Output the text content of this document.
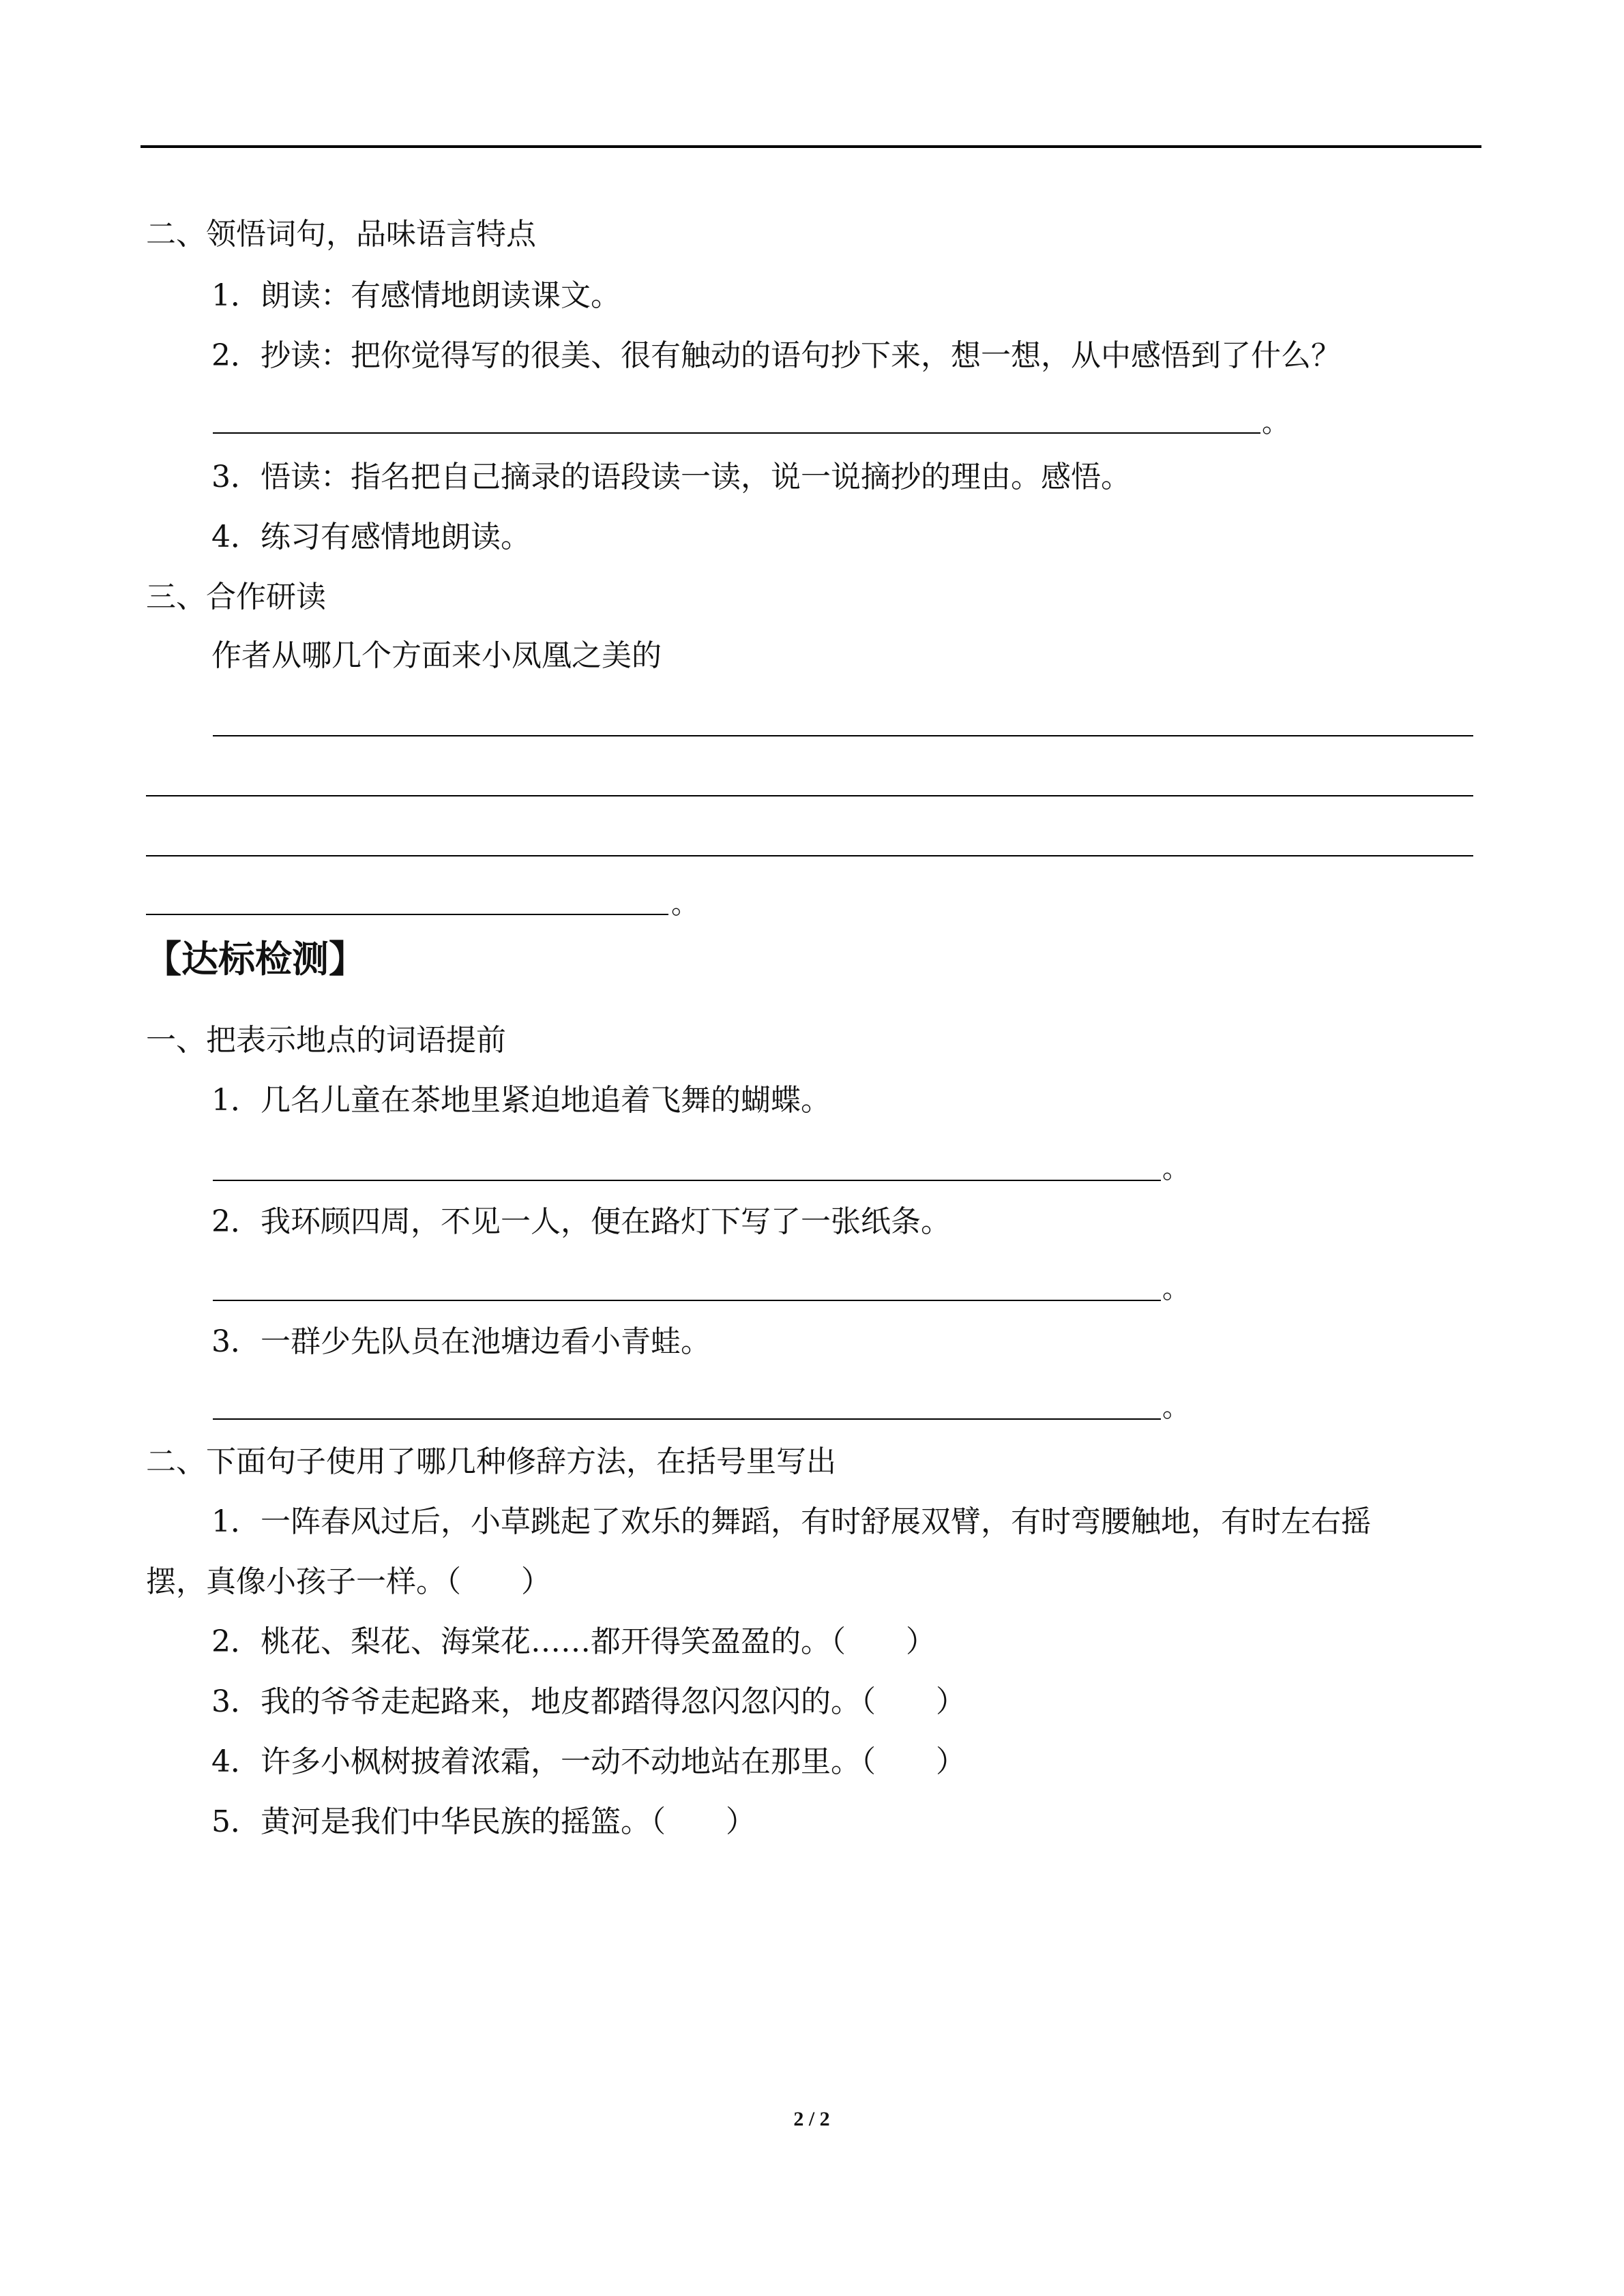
二、领悟词句，品味语言特点
1．朗读：有感情地朗读课文。
2．抄读：把你觉得写的很美、很有触动的语句抄下来，想一想，从中感悟到了什么？
。
3．悟读：指名把自己摘录的语段读一读，说一说摘抄的理由。感悟。
4．练习有感情地朗读。
三、合作研读
作者从哪几个方面来小凤凰之美的
。
【达标检测】
一、把表示地点的词语提前
1．几名儿童在茶地里紧迫地追着飞舞的蝴蝶。
。
2．我环顾四周，不见一人，便在路灯下写了一张纸条。
。
3．一群少先队员在池塘边看小青蛙。
。
二、下面句子使用了哪几种修辞方法，在括号里写出
1．一阵春风过后，小草跳起了欢乐的舞蹈，有时舒展双臂，有时弯腰触地，有时左右摇
摆，真像小孩子一样。（　　）
2．桃花、梨花、海棠花……都开得笑盈盈的。（　　）
3．我的爷爷走起路来，地皮都踏得忽闪忽闪的。（　　）
4．许多小枫树披着浓霜，一动不动地站在那里。（　　）
5．黄河是我们中华民族的摇篮。（　　）
2 / 2
